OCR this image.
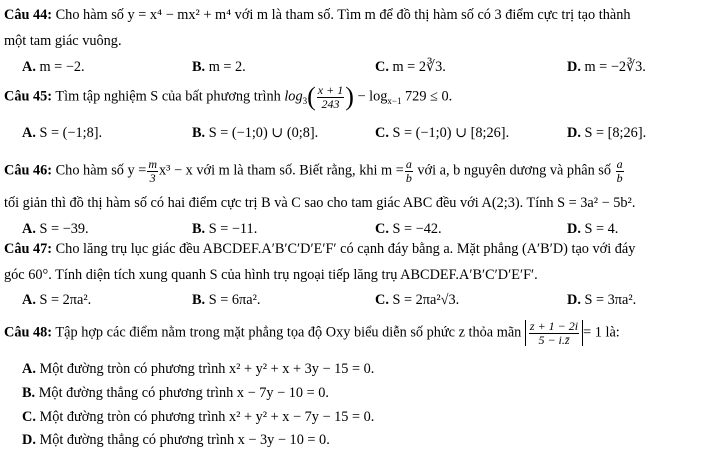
Câu 44: Cho hàm số y = x⁴ − mx² + m⁴ với m là tham số. Tìm m để đồ thị hàm số có 3 điểm cực trị tạo thành
một tam giác vuông.
A. m = −2.	B. m = 2.	C. m = 2∛3.	D. m = −2∛3.
Câu 45: Tìm tập nghiệm S của bất phương trình $\log_3( \frac{x + 1}{243}$ ) − $\log_{x-1} 729 \le 0$.
A. S = (−1;8].	B. S = (−1;0) ∪ (0;8].	C. S = (−1;0) ∪ [8;26].	D. S = [8;26].
Câu 46: Cho hàm số $y = \frac{m}{3} x^3 - x$ với m là tham số. Biết rằng, khi $m = \frac{a}{b}$ với a, b nguyên dương và phân số $\frac{a}{b}$
tối giản thì đồ thị hàm số có hai điểm cực trị B và C sao cho tam giác ABC đều với A(2;3). Tính S = 3a² − 5b².
A. S = −39.	B. S = −11.	C. S = −42.	D. S = 4.
Câu 47: Cho lăng trụ lục giác đều ABCDEF.A′B′C′D′E′F′ có cạnh đáy bằng a. Mặt phẳng (A′B′D) tạo với đáy
góc 60°. Tính diện tích xung quanh S của hình trụ ngoại tiếp lăng trụ ABCDEF.A′B′C′D′E′F′.
A. S = 2πa².	B. S = 6πa².	C. S = 2πa²√3.	D. S = 3πa².
Câu 48: Tập hợp các điểm nằm trong mặt phẳng tọa độ Oxy biểu diễn số phức z thỏa mãn $\frac{z + 1 - 2i}{5 - i.z̄} = 1$ là:
A. Một đường tròn có phương trình x² + y² + x + 3y − 15 = 0.
B. Một đường thẳng có phương trình x − 7y − 10 = 0.
C. Một đường tròn có phương trình x² + y² + x − 7y − 15 = 0.
D. Một đường thẳng có phương trình x − 3y − 10 = 0.
